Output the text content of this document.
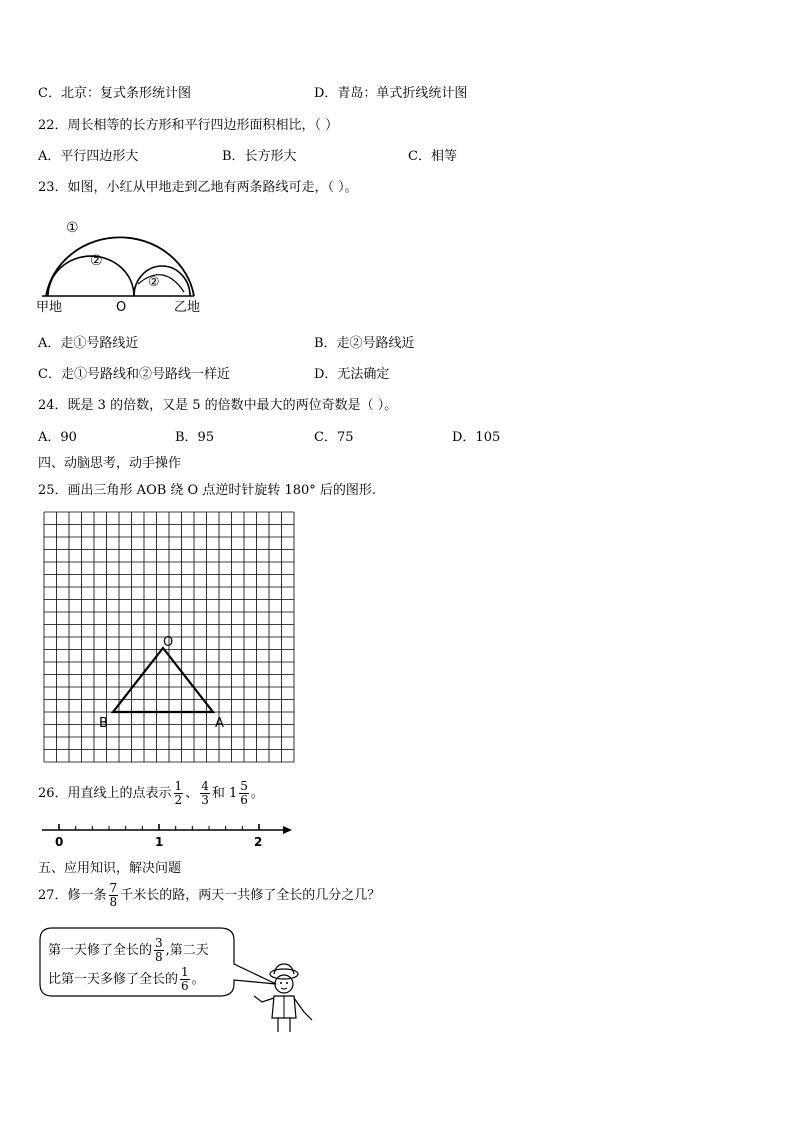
C．北京：复式条形统计图	D．青岛：单式折线统计图
22．周长相等的长方形和平行四边形面积相比，（ ）
A．平行四边形大	B．长方形大	C．相等
23．如图，小红从甲地走到乙地有两条路线可走，（ ）。
①
②
②
甲地	O	乙地
A．走①号路线近	B．走②号路线近
C．走①号路线和②号路线一样近	D．无法确定
24．既是 3 的倍数，又是 5 的倍数中最大的两位奇数是（ ）。
A．90	B．95	C．75	D．105
四、动脑思考，动手操作
25．画出三角形 AOB 绕 O 点逆时针旋转 180° 后的图形.
O
B	A
26．用直线上的点表示 $\frac{1}{2}$ 、 $\frac{4}{3}$ 和 $1 \frac{5}{6}$ 。
0	1	2
五、应用知识，解决问题
27．修一条 $\frac{7}{8}$ 千米长的路，两天一共修了全长的几分之几？
第一天修了全长的 $\frac{3}{8}$ ,第二天
比第一天多修了全长的 $\frac{1}{6}$ 。
